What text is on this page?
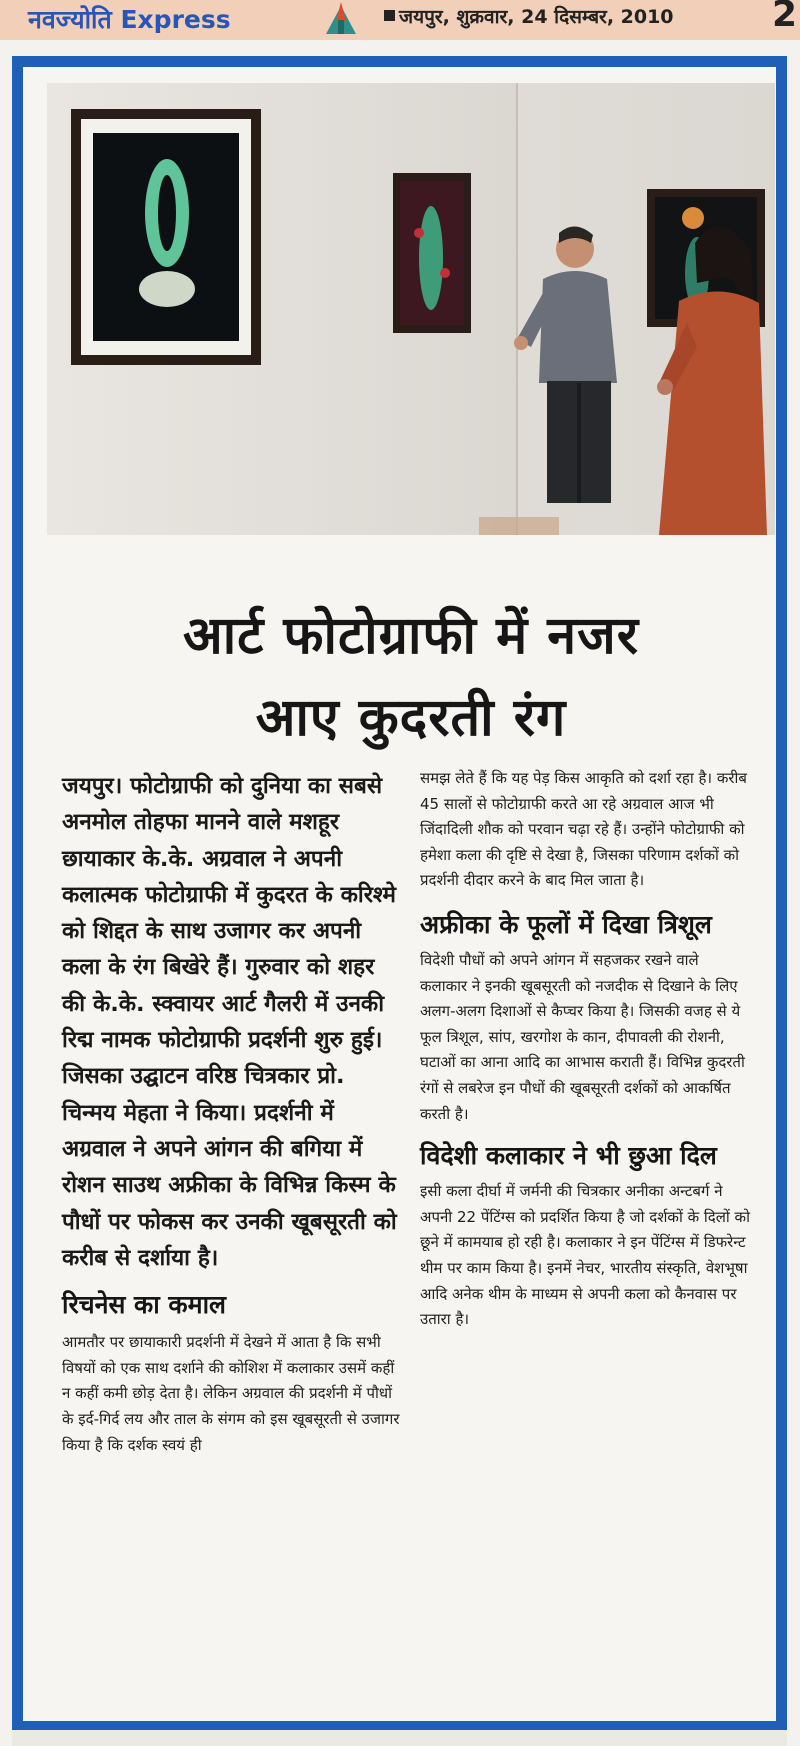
नवज्योति Express	जयपुर, शुक्रवार, 24 दिसम्बर, 2010	2
आर्ट फोटोग्राफी में नजर
आए कुदरती रंग

जयपुर। फोटोग्राफी को दुनिया का सबसे अनमोल तोहफा मानने वाले मशहूर छायाकार के.के. अग्रवाल ने अपनी कलात्मक फोटोग्राफी में कुदरत के करिश्मे को शिद्दत के साथ उजागर कर अपनी कला के रंग बिखेरे हैं। गुरुवार को शहर की के.के. स्क्वायर आर्ट गैलरी में उनकी रिद्म नामक फोटोग्राफी प्रदर्शनी शुरु हुई। जिसका उद्घाटन वरिष्ठ चित्रकार प्रो. चिन्मय मेहता ने किया। प्रदर्शनी में अग्रवाल ने अपने आंगन की बगिया में रोशन साउथ अफ्रीका के विभिन्न किस्म के पौधों पर फोकस कर उनकी खूबसूरती को करीब से दर्शाया है।

रिचनेस का कमाल

आमतौर पर छायाकारी प्रदर्शनी में देखने में आता है कि सभी विषयों को एक साथ दर्शाने की कोशिश में कलाकार उसमें कहीं न कहीं कमी छोड़ देता है। लेकिन अग्रवाल की प्रदर्शनी में पौधों के इर्द-गिर्द लय और ताल के संगम को इस खूबसूरती से उजागर किया है कि दर्शक स्वयं ही

समझ लेते हैं कि यह पेड़ किस आकृति को दर्शा रहा है। करीब 45 सालों से फोटोग्राफी करते आ रहे अग्रवाल आज भी जिंदादिली शौक को परवान चढ़ा रहे हैं। उन्होंने फोटोग्राफी को हमेशा कला की दृष्टि से देखा है, जिसका परिणाम दर्शकों को प्रदर्शनी दीदार करने के बाद मिल जाता है।

अफ्रीका के फूलों में दिखा त्रिशूल

विदेशी पौधों को अपने आंगन में सहजकर रखने वाले कलाकार ने इनकी खूबसूरती को नजदीक से दिखाने के लिए अलग-अलग दिशाओं से कैप्चर किया है। जिसकी वजह से ये फूल त्रिशूल, सांप, खरगोश के कान, दीपावली की रोशनी, घटाओं का आना आदि का आभास कराती हैं। विभिन्न कुदरती रंगों से लबरेज इन पौधों की खूबसूरती दर्शकों को आकर्षित करती है।

विदेशी कलाकार ने भी छुआ दिल

इसी कला दीर्घा में जर्मनी की चित्रकार अनीका अन्टबर्ग ने अपनी 22 पेंटिंग्स को प्रदर्शित किया है जो दर्शकों के दिलों को छूने में कामयाब हो रही है। कलाकार ने इन पेंटिंग्स में डिफरेन्ट थीम पर काम किया है। इनमें नेचर, भारतीय संस्कृति, वेशभूषा आदि अनेक थीम के माध्यम से अपनी कला को कैनवास पर उतारा है।
